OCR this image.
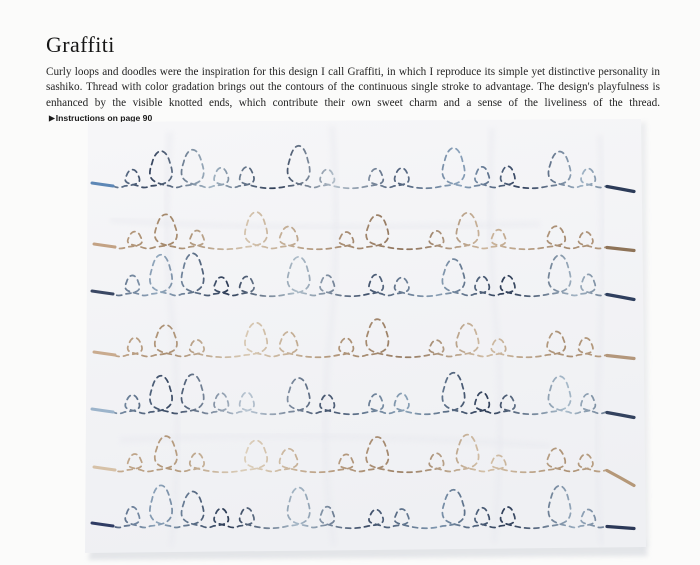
Graffiti

Curly loops and doodles were the inspiration for this design I call Graffiti, in which I reproduce its simple yet distinctive personality in sashiko. Thread with color gradation brings out the contours of the continuous single stroke to advantage. The design's playfulness is enhanced by the visible knotted ends, which contribute their own sweet charm and a sense of the liveliness of the thread.▶Instructions on page 90
